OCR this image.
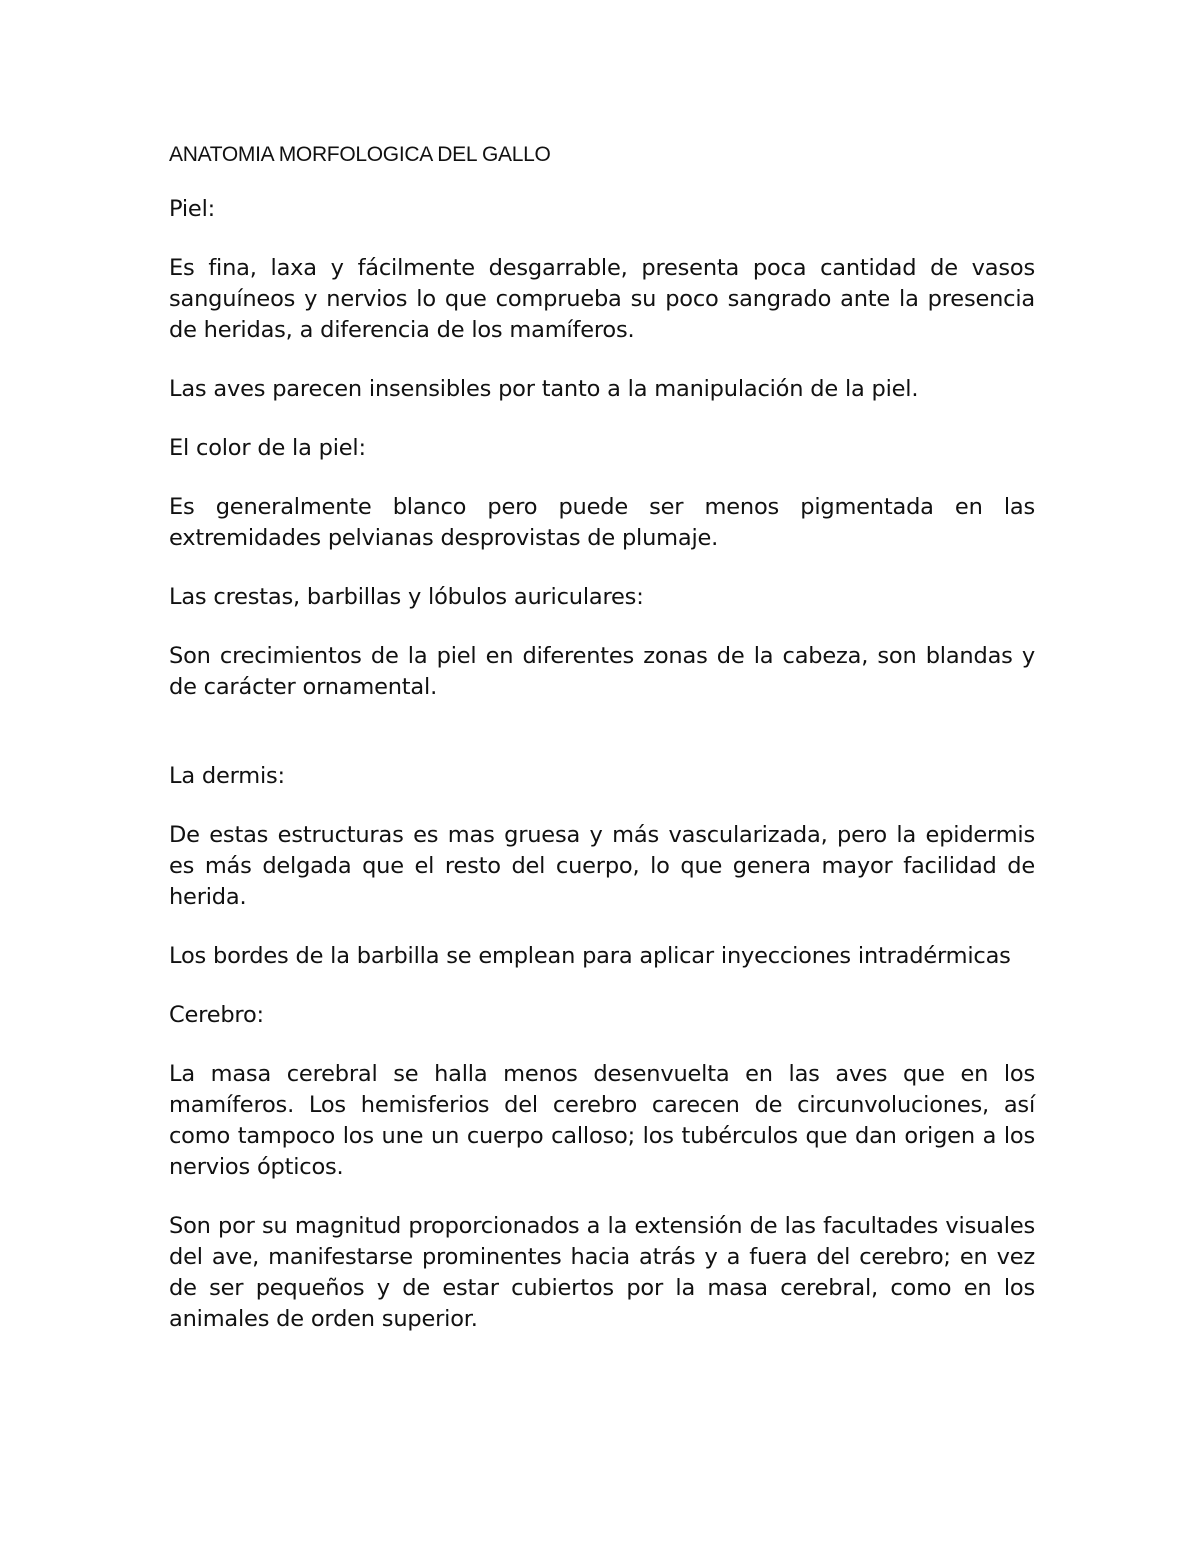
ANATOMIA MORFOLOGICA DEL GALLO

Piel:

Es fina, laxa y fácilmente desgarrable, presenta poca cantidad de vasos sanguíneos y nervios lo que comprueba su poco sangrado ante la presencia de heridas, a diferencia de los mamíferos.

Las aves parecen insensibles por tanto a la manipulación de la piel.

El color de la piel:

Es generalmente blanco pero puede ser menos pigmentada en las extremidades pelvianas desprovistas de plumaje.

Las crestas, barbillas y lóbulos auriculares:

Son crecimientos de la piel en diferentes zonas de la cabeza, son blandas y de carácter ornamental.

La dermis:

De estas estructuras es mas gruesa y más vascularizada, pero la epidermis es más delgada que el resto del cuerpo, lo que genera mayor facilidad de herida.

Los bordes de la barbilla se emplean para aplicar inyecciones intradérmicas

Cerebro:

La masa cerebral se halla menos desenvuelta en las aves que en los mamíferos. Los hemisferios del cerebro carecen de circunvoluciones, así como tampoco los une un cuerpo calloso; los tubérculos que dan origen a los nervios ópticos.

Son por su magnitud proporcionados a la extensión de las facultades visuales del ave, manifestarse prominentes hacia atrás y a fuera del cerebro; en vez de ser pequeños y de estar cubiertos por la masa cerebral, como en los animales de orden superior.
